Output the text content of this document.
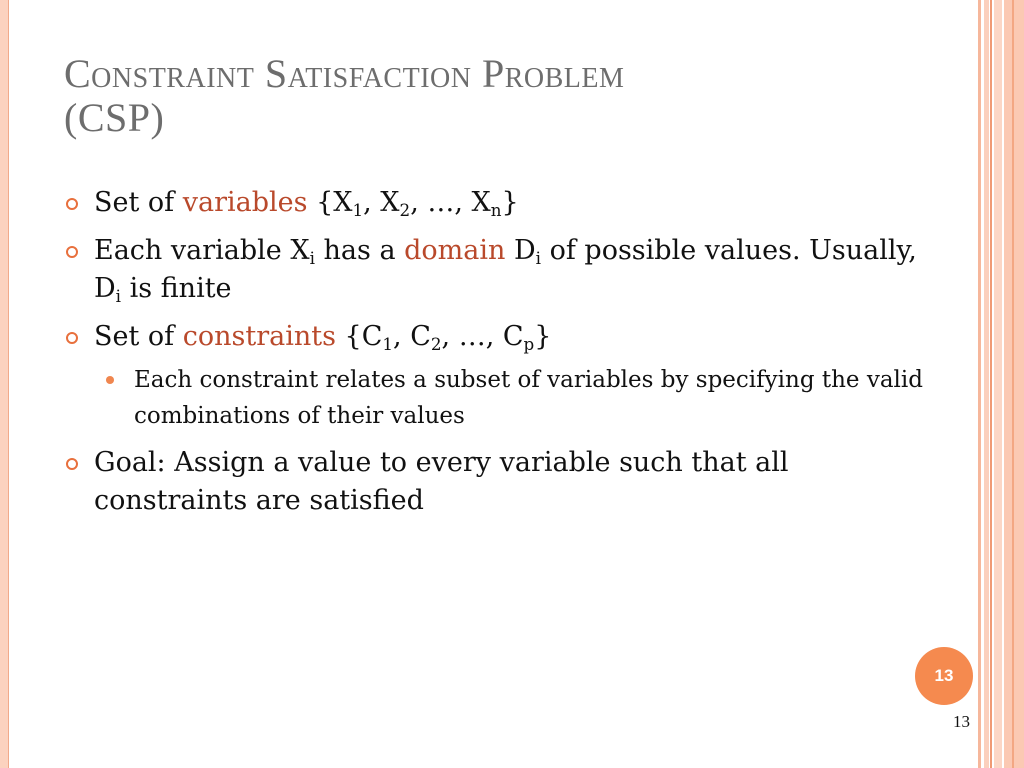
Constraint Satisfaction Problem
(CSP)
Set of variables {$X_1$, $X_2$, …, $X_n$}
Each variable $X_i$ has a domain $D_i$ of possible values. Usually, $D_i$ is finite
Set of constraints {$C_1$, $C_2$, …, $C_p$}
Each constraint relates a subset of variables by specifying the valid combinations of their values
Goal: Assign a value to every variable such that all constraints are satisfied
13
13
